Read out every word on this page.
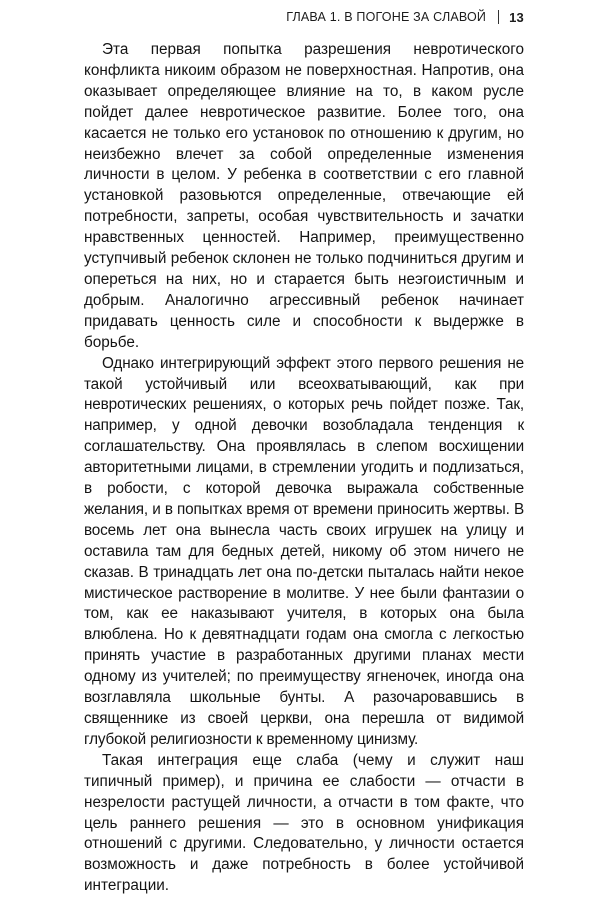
ГЛАВА 1. В ПОГОНЕ ЗА СЛАВОЙ 13

Эта первая попытка разрешения невротического конфликта никоим образом не поверхностная. Напротив, она оказывает определяющее влияние на то, в каком русле пойдет далее невротическое развитие. Более того, она касается не только его установок по отношению к другим, но неизбежно влечет за собой определенные изменения личности в целом. У ребенка в соответствии с его главной установкой разовьются определенные, отвечающие ей потребности, запреты, особая чувствительность и зачатки нравственных ценностей. Например, преимущественно уступчивый ребенок склонен не только подчиниться другим и опереться на них, но и старается быть неэгоистичным и добрым. Аналогично агрессивный ребенок начинает придавать ценность силе и способности к выдержке в борьбе.

Однако интегрирующий эффект этого первого решения не такой устойчивый или всеохватывающий, как при невротических решениях, о которых речь пойдет позже. Так, например, у одной девочки возобладала тенденция к соглашательству. Она проявлялась в слепом восхищении авторитетными лицами, в стремлении угодить и подлизаться, в робости, с которой девочка выражала собственные желания, и в попытках время от времени приносить жертвы. В восемь лет она вынесла часть своих игрушек на улицу и оставила там для бедных детей, никому об этом ничего не сказав. В тринадцать лет она по-детски пыталась найти некое мистическое растворение в молитве. У нее были фантазии о том, как ее наказывают учителя, в которых она была влюблена. Но к девятнадцати годам она смогла с легкостью принять участие в разработанных другими планах мести одному из учителей; по преимуществу ягненочек, иногда она возглавляла школьные бунты. А разочаровавшись в священнике из своей церкви, она перешла от видимой глубокой религиозности к временному цинизму.

Такая интеграция еще слаба (чему и служит наш типичный пример), и причина ее слабости — отчасти в незрелости растущей личности, а отчасти в том факте, что цель раннего решения — это в основном унификация отношений с другими. Следовательно, у личности остается возможность и даже потребность в более устойчивой интеграции.
